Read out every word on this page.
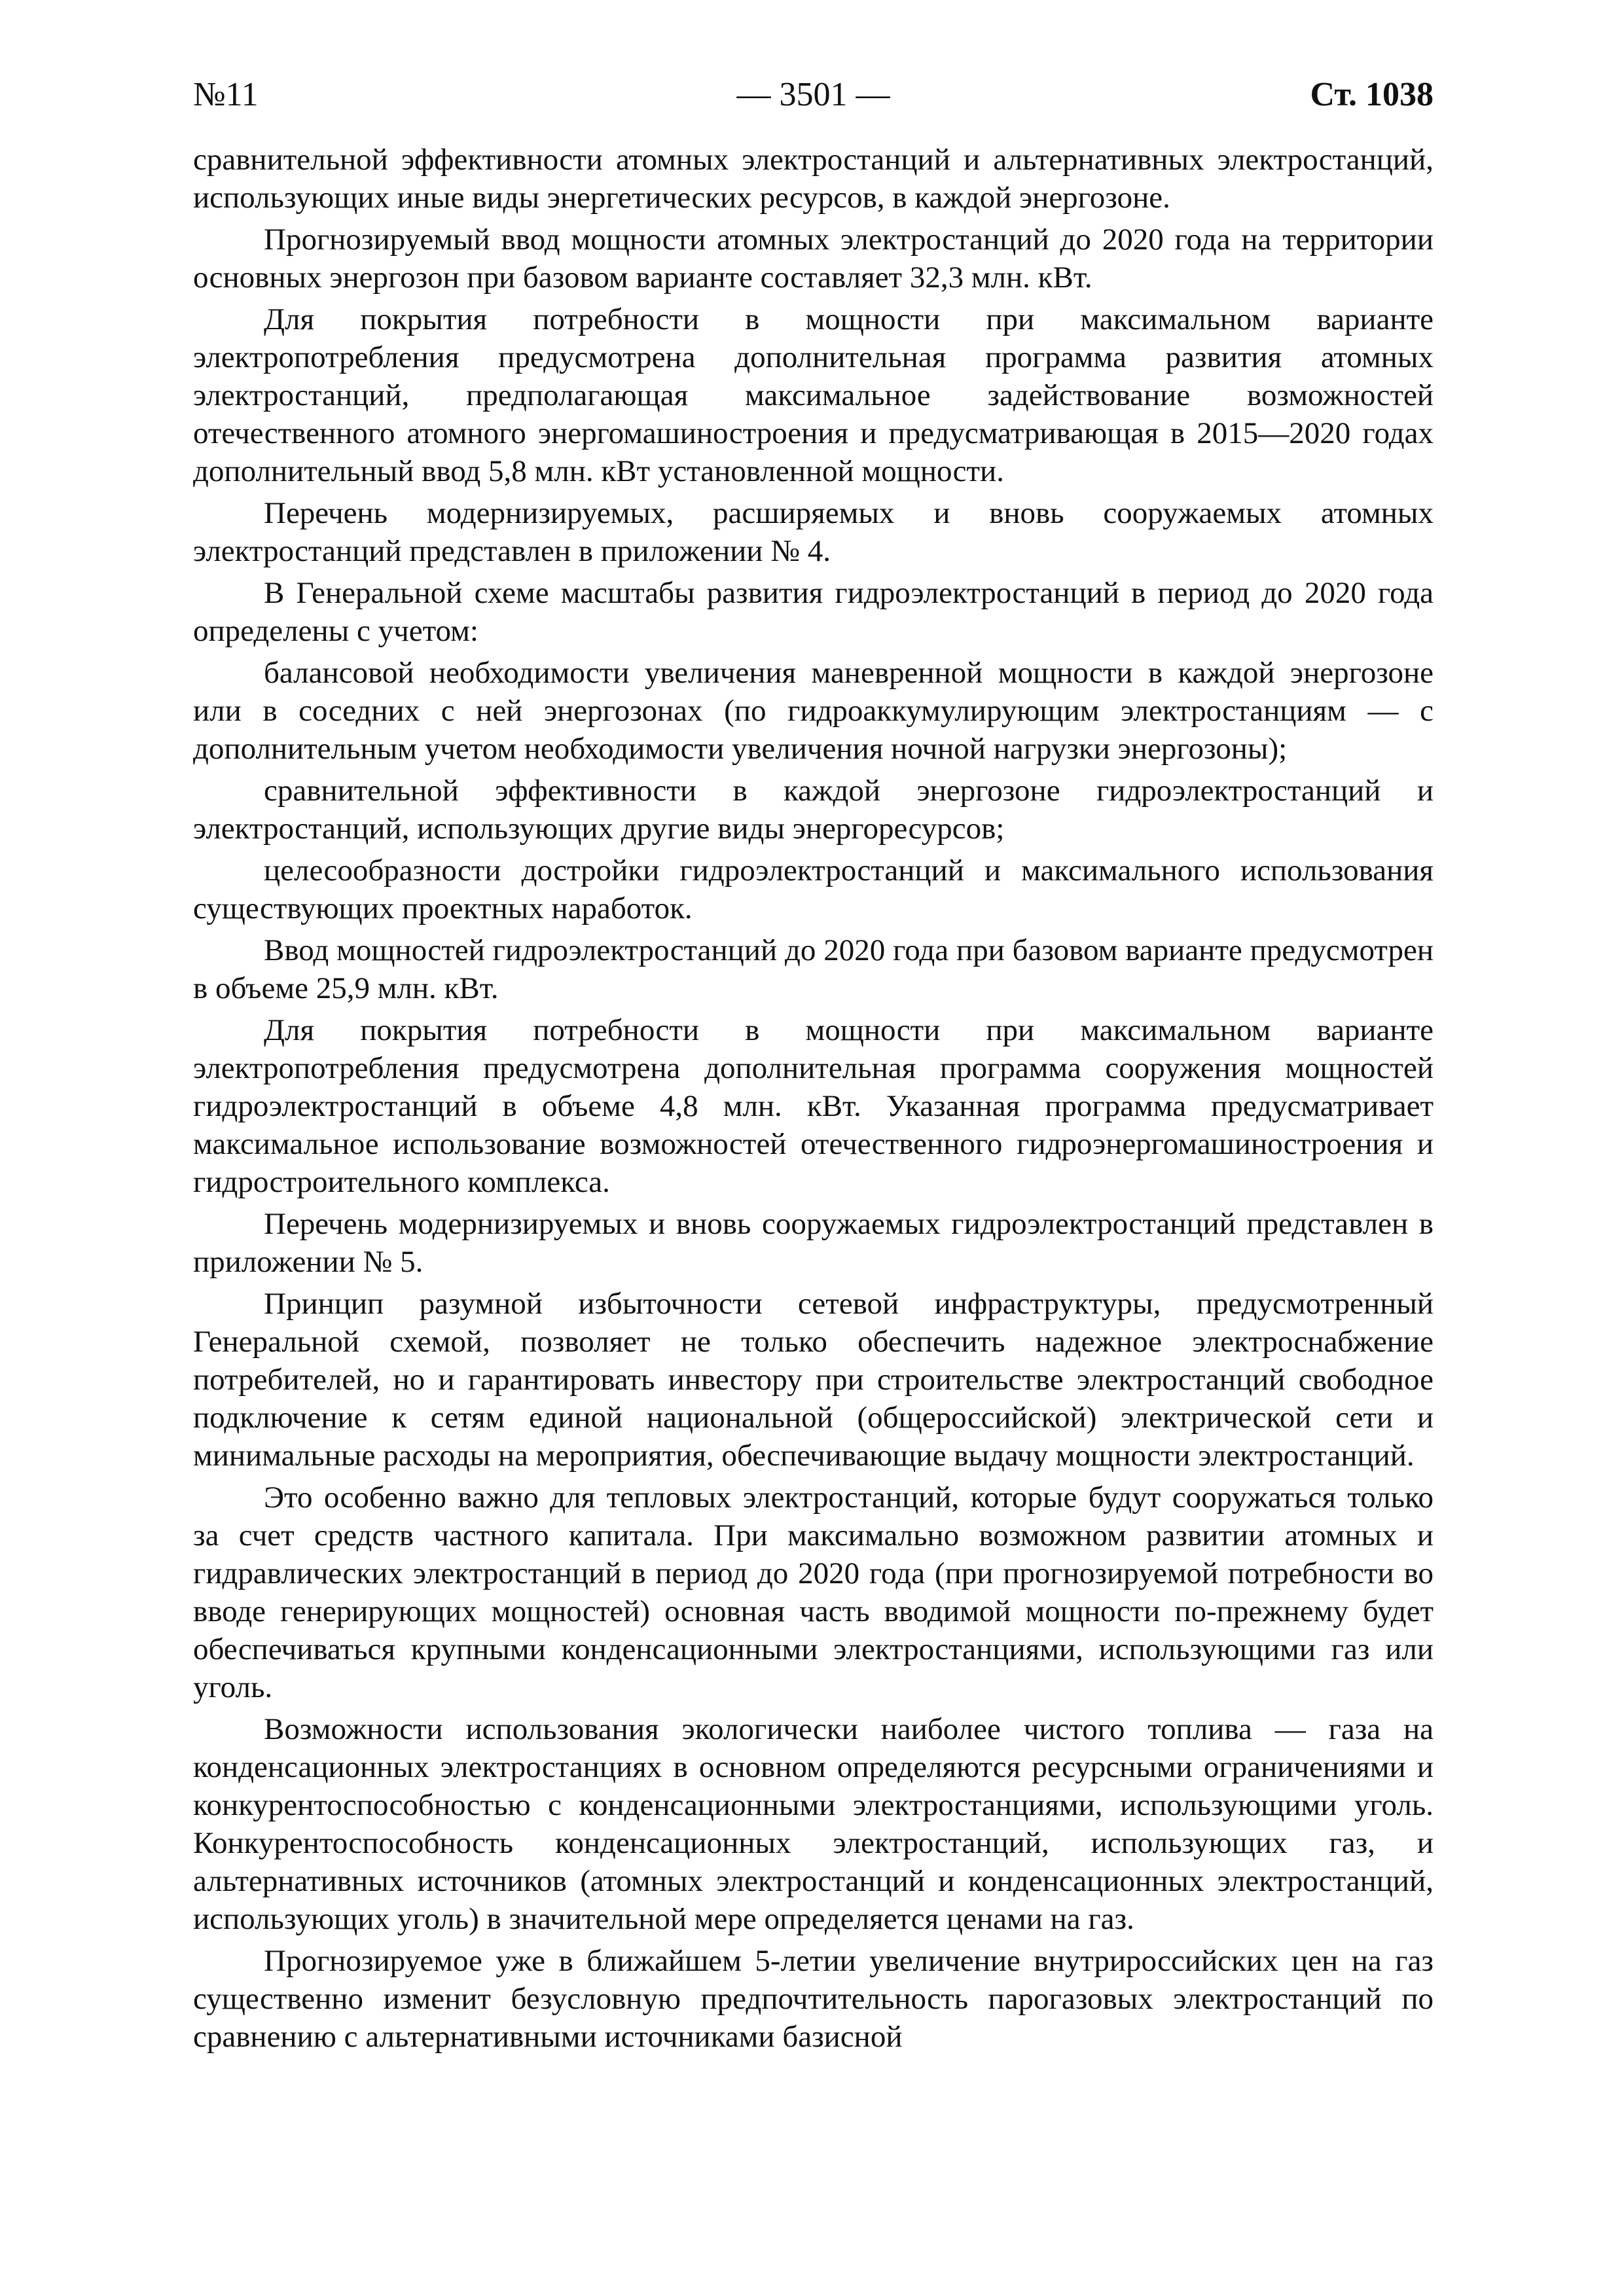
№11	— 3501 —	Ст. 1038

сравнительной эффективности атомных электростанций и альтернативных электростанций, использующих иные виды энергетических ресурсов, в каждой энергозоне.

Прогнозируемый ввод мощности атомных электростанций до 2020 года на территории основных энергозон при базовом варианте составляет 32,3 млн. кВт.

Для покрытия потребности в мощности при максимальном варианте электропотребления предусмотрена дополнительная программа развития атомных электростанций, предполагающая максимальное задействование возможностей отечественного атомного энергомашиностроения и предусматривающая в 2015—2020 годах дополнительный ввод 5,8 млн. кВт установленной мощности.

Перечень модернизируемых, расширяемых и вновь сооружаемых атомных электростанций представлен в приложении № 4.

В Генеральной схеме масштабы развития гидроэлектростанций в период до 2020 года определены с учетом:

балансовой необходимости увеличения маневренной мощности в каждой энергозоне или в соседних с ней энергозонах (по гидроаккумулирующим электростанциям — с дополнительным учетом необходимости увеличения ночной нагрузки энергозоны);

сравнительной эффективности в каждой энергозоне гидроэлектростанций и электростанций, использующих другие виды энергоресурсов;

целесообразности достройки гидроэлектростанций и максимального использования существующих проектных наработок.

Ввод мощностей гидроэлектростанций до 2020 года при базовом варианте предусмотрен в объеме 25,9 млн. кВт.

Для покрытия потребности в мощности при максимальном варианте электропотребления предусмотрена дополнительная программа сооружения мощностей гидроэлектростанций в объеме 4,8 млн. кВт. Указанная программа предусматривает максимальное использование возможностей отечественного гидроэнергомашиностроения и гидростроительного комплекса.

Перечень модернизируемых и вновь сооружаемых гидроэлектростанций представлен в приложении № 5.

Принцип разумной избыточности сетевой инфраструктуры, предусмотренный Генеральной схемой, позволяет не только обеспечить надежное электроснабжение потребителей, но и гарантировать инвестору при строительстве электростанций свободное подключение к сетям единой национальной (общероссийской) электрической сети и минимальные расходы на мероприятия, обеспечивающие выдачу мощности электростанций.

Это особенно важно для тепловых электростанций, которые будут сооружаться только за счет средств частного капитала. При максимально возможном развитии атомных и гидравлических электростанций в период до 2020 года (при прогнозируемой потребности во вводе генерирующих мощностей) основная часть вводимой мощности по-прежнему будет обеспечиваться крупными конденсационными электростанциями, использующими газ или уголь.

Возможности использования экологически наиболее чистого топлива — газа на конденсационных электростанциях в основном определяются ресурсными ограничениями и конкурентоспособностью с конденсационными электростанциями, использующими уголь. Конкурентоспособность конденсационных электростанций, использующих газ, и альтернативных источников (атомных электростанций и конденсационных электростанций, использующих уголь) в значительной мере определяется ценами на газ.

Прогнозируемое уже в ближайшем 5-летии увеличение внутрироссийских цен на газ существенно изменит безусловную предпочтительность парогазовых электростанций по сравнению с альтернативными источниками базисной
